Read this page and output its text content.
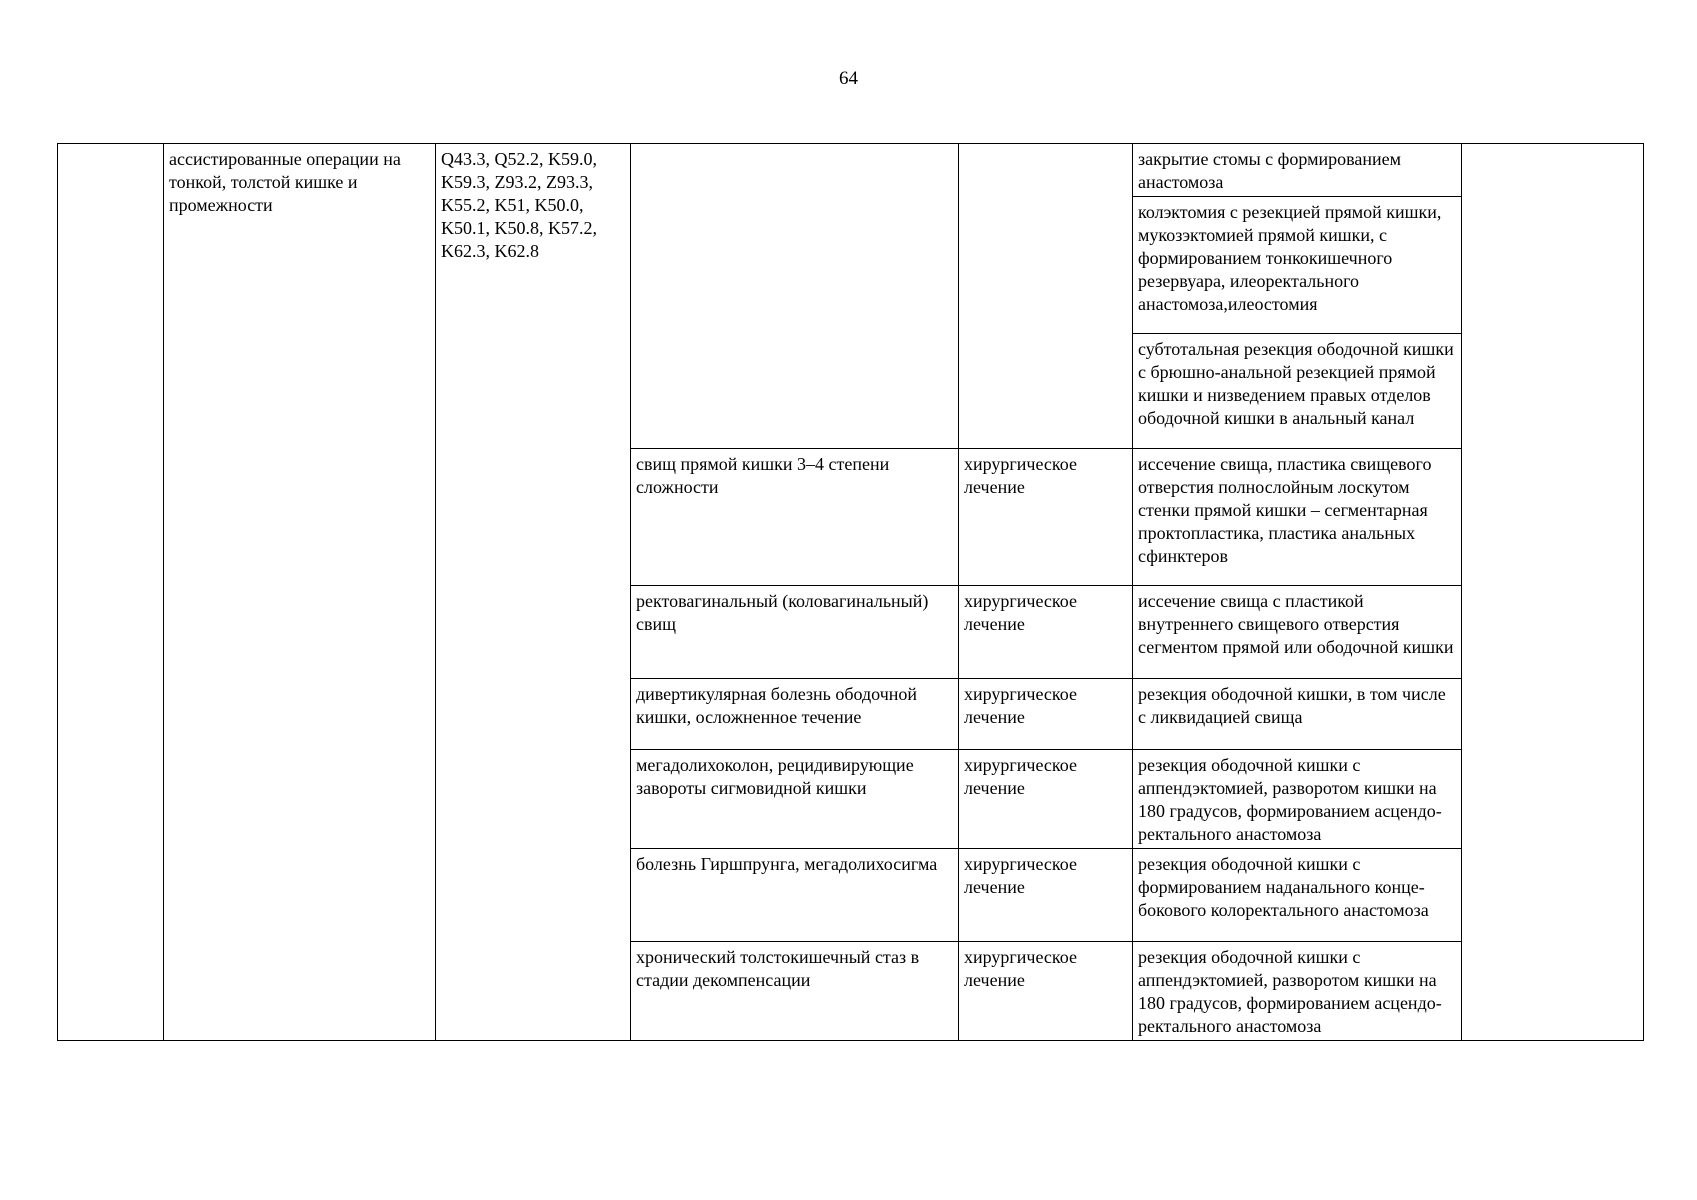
64
	ассистированные операции на тонкой, толстой кишке и промежности	Q43.3, Q52.2, K59.0,
K59.3, Z93.2, Z93.3,
K55.2, K51, K50.0,
K50.1, K50.8, K57.2,
K62.3, K62.8			закрытие стомы с формированием анастомоза	
					колэктомия с резекцией прямой кишки, мукозэктомией прямой кишки, с формированием тонкокишечного резервуара, илеоректального анастомоза,илеостомия	
					субтотальная резекция ободочной кишки с брюшно-анальной резекцией прямой кишки и низведением правых отделов ободочной кишки в анальный канал	
			свищ прямой кишки 3–4 степени сложности	хирургическое лечение	иссечение свища, пластика свищевого отверстия полнослойным лоскутом стенки прямой кишки – сегментарная проктопластика, пластика анальных сфинктеров	
			ректовагинальный (коловагинальный) свищ	хирургическое лечение	иссечение свища с пластикой внутреннего свищевого отверстия сегментом прямой или ободочной кишки	
			дивертикулярная болезнь ободочной кишки, осложненное течение	хирургическое лечение	резекция ободочной кишки, в том числе с ликвидацией свища	
			мегадолихоколон, рецидивирующие завороты сигмовидной кишки	хирургическое лечение	резекция ободочной кишки с аппендэктомией, разворотом кишки на 180 градусов, формированием асцендо-ректального анастомоза	
			болезнь Гиршпрунга, мегадолихосигма	хирургическое лечение	резекция ободочной кишки с формированием наданального конце-бокового колоректального анастомоза	
			хронический толстокишечный стаз в стадии декомпенсации	хирургическое лечение	резекция ободочной кишки с аппендэктомией, разворотом кишки на 180 градусов, формированием асцендо-ректального анастомоза	
